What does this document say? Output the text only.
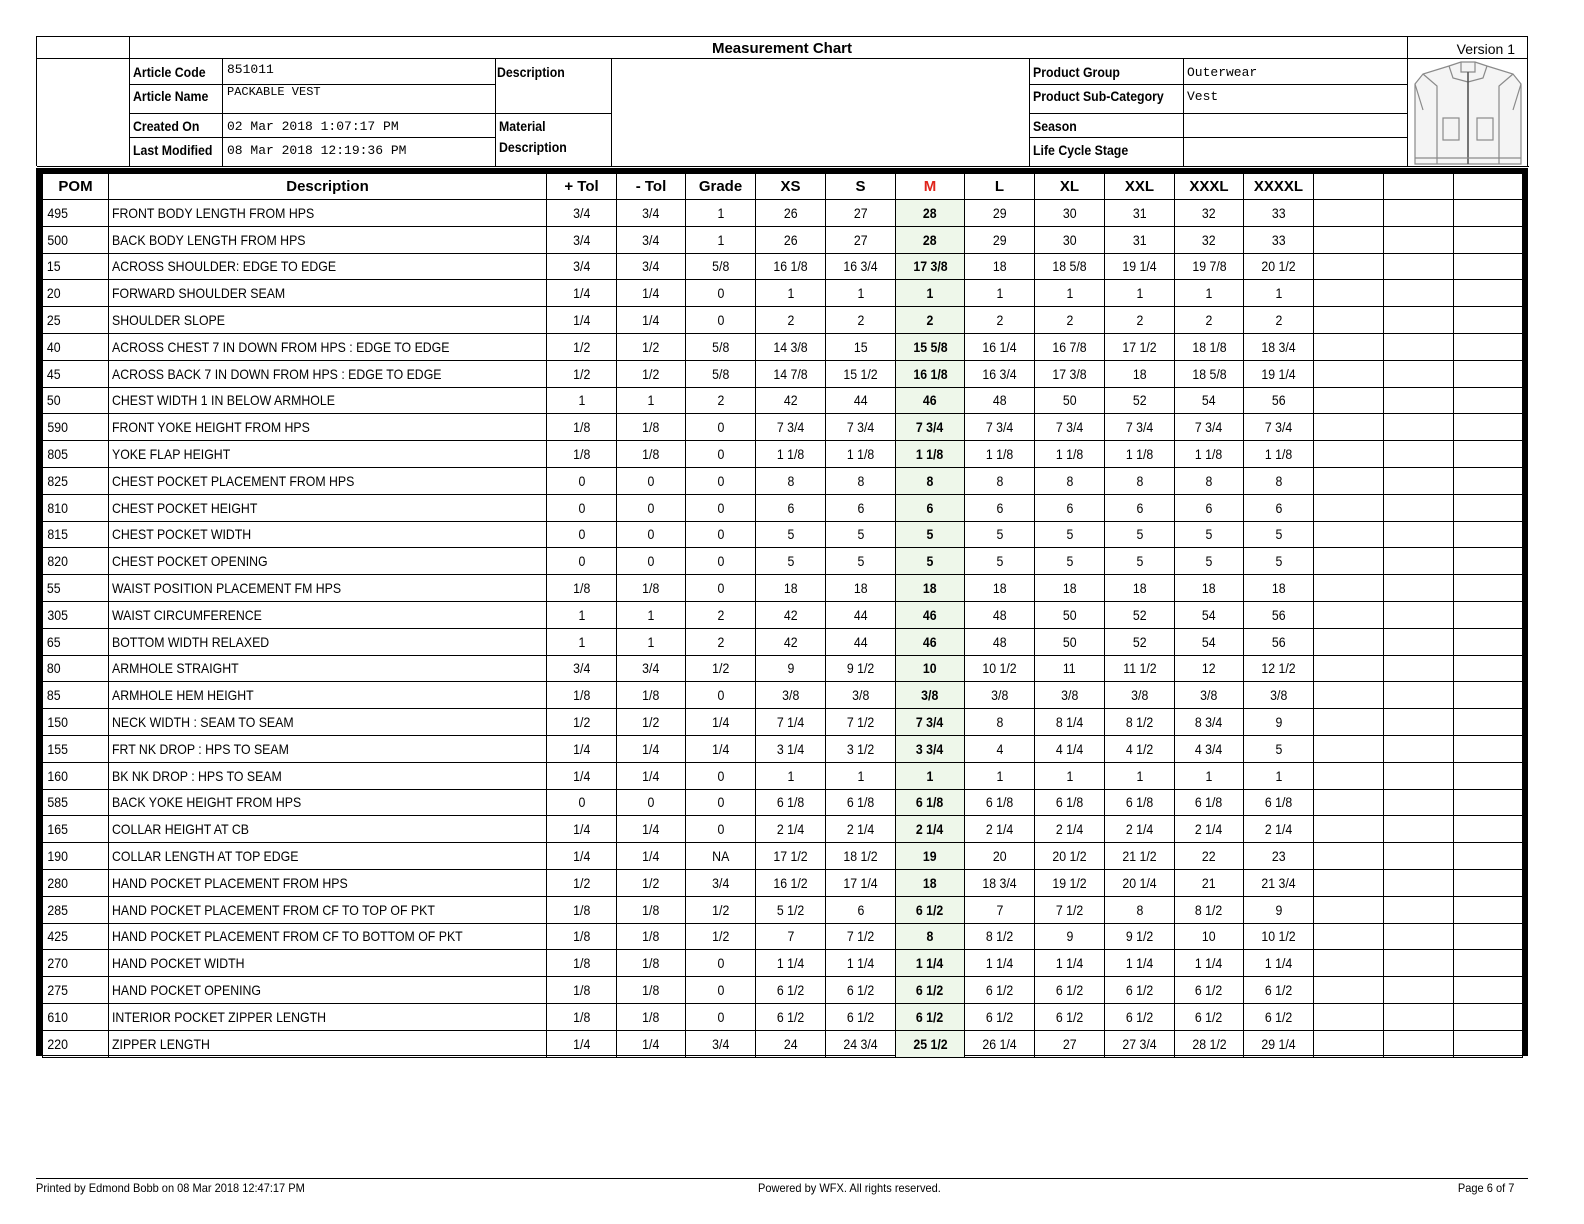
Measurement Chart	Version 1
Article Code 851011
Article Name PACKABLE VEST
Created On 02 Mar 2018 1:07:17 PM
Last Modified 08 Mar 2018 12:19:36 PM
Description
Material
Description
Product Group	Outerwear
Product Sub-Category Vest
Season
Life Cycle Stage
POM	Description	+ Tol	- Tol	Grade	XS	S	M	L	XL	XXL	XXXL	XXXXL			
495	FRONT BODY LENGTH FROM HPS	3/4	3/4	1	26	27	28	29	30	31	32	33			
500	BACK BODY LENGTH FROM HPS	3/4	3/4	1	26	27	28	29	30	31	32	33			
15	ACROSS SHOULDER: EDGE TO EDGE	3/4	3/4	5/8	16 1/8	16 3/4	17 3/8	18	18 5/8	19 1/4	19 7/8	20 1/2			
20	FORWARD SHOULDER SEAM	1/4	1/4	0	1	1	1	1	1	1	1	1			
25	SHOULDER SLOPE	1/4	1/4	0	2	2	2	2	2	2	2	2			
40	ACROSS CHEST 7 IN DOWN FROM HPS : EDGE TO EDGE	1/2	1/2	5/8	14 3/8	15	15 5/8	16 1/4	16 7/8	17 1/2	18 1/8	18 3/4			
45	ACROSS BACK 7 IN DOWN FROM HPS : EDGE TO EDGE	1/2	1/2	5/8	14 7/8	15 1/2	16 1/8	16 3/4	17 3/8	18	18 5/8	19 1/4			
50	CHEST WIDTH 1 IN BELOW ARMHOLE	1	1	2	42	44	46	48	50	52	54	56			
590	FRONT YOKE HEIGHT FROM HPS	1/8	1/8	0	7 3/4	7 3/4	7 3/4	7 3/4	7 3/4	7 3/4	7 3/4	7 3/4			
805	YOKE FLAP HEIGHT	1/8	1/8	0	1 1/8	1 1/8	1 1/8	1 1/8	1 1/8	1 1/8	1 1/8	1 1/8			
825	CHEST POCKET PLACEMENT FROM HPS	0	0	0	8	8	8	8	8	8	8	8			
810	CHEST POCKET HEIGHT	0	0	0	6	6	6	6	6	6	6	6			
815	CHEST POCKET WIDTH	0	0	0	5	5	5	5	5	5	5	5			
820	CHEST POCKET OPENING	0	0	0	5	5	5	5	5	5	5	5			
55	WAIST POSITION PLACEMENT FM HPS	1/8	1/8	0	18	18	18	18	18	18	18	18			
305	WAIST CIRCUMFERENCE	1	1	2	42	44	46	48	50	52	54	56			
65	BOTTOM WIDTH RELAXED	1	1	2	42	44	46	48	50	52	54	56			
80	ARMHOLE STRAIGHT	3/4	3/4	1/2	9	9 1/2	10	10 1/2	11	11 1/2	12	12 1/2			
85	ARMHOLE HEM HEIGHT	1/8	1/8	0	3/8	3/8	3/8	3/8	3/8	3/8	3/8	3/8			
150	NECK WIDTH : SEAM TO SEAM	1/2	1/2	1/4	7 1/4	7 1/2	7 3/4	8	8 1/4	8 1/2	8 3/4	9			
155	FRT NK DROP : HPS TO SEAM	1/4	1/4	1/4	3 1/4	3 1/2	3 3/4	4	4 1/4	4 1/2	4 3/4	5			
160	BK NK DROP : HPS TO SEAM	1/4	1/4	0	1	1	1	1	1	1	1	1			
585	BACK YOKE HEIGHT FROM HPS	0	0	0	6 1/8	6 1/8	6 1/8	6 1/8	6 1/8	6 1/8	6 1/8	6 1/8			
165	COLLAR HEIGHT AT CB	1/4	1/4	0	2 1/4	2 1/4	2 1/4	2 1/4	2 1/4	2 1/4	2 1/4	2 1/4			
190	COLLAR LENGTH AT TOP EDGE	1/4	1/4	NA	17 1/2	18 1/2	19	20	20 1/2	21 1/2	22	23			
280	HAND POCKET PLACEMENT FROM HPS	1/2	1/2	3/4	16 1/2	17 1/4	18	18 3/4	19 1/2	20 1/4	21	21 3/4			
285	HAND POCKET PLACEMENT FROM CF TO TOP OF PKT	1/8	1/8	1/2	5 1/2	6	6 1/2	7	7 1/2	8	8 1/2	9			
425	HAND POCKET PLACEMENT FROM CF TO BOTTOM OF PKT	1/8	1/8	1/2	7	7 1/2	8	8 1/2	9	9 1/2	10	10 1/2			
270	HAND POCKET WIDTH	1/8	1/8	0	1 1/4	1 1/4	1 1/4	1 1/4	1 1/4	1 1/4	1 1/4	1 1/4			
275	HAND POCKET OPENING	1/8	1/8	0	6 1/2	6 1/2	6 1/2	6 1/2	6 1/2	6 1/2	6 1/2	6 1/2			
610	INTERIOR POCKET ZIPPER LENGTH	1/8	1/8	0	6 1/2	6 1/2	6 1/2	6 1/2	6 1/2	6 1/2	6 1/2	6 1/2			
220	ZIPPER LENGTH	1/4	1/4	3/4	24	24 3/4	25 1/2	26 1/4	27	27 3/4	28 1/2	29 1/4			
Printed by Edmond Bobb on 08 Mar 2018 12:47:17 PM	Powered by WFX. All rights reserved.	Page 6 of 7
